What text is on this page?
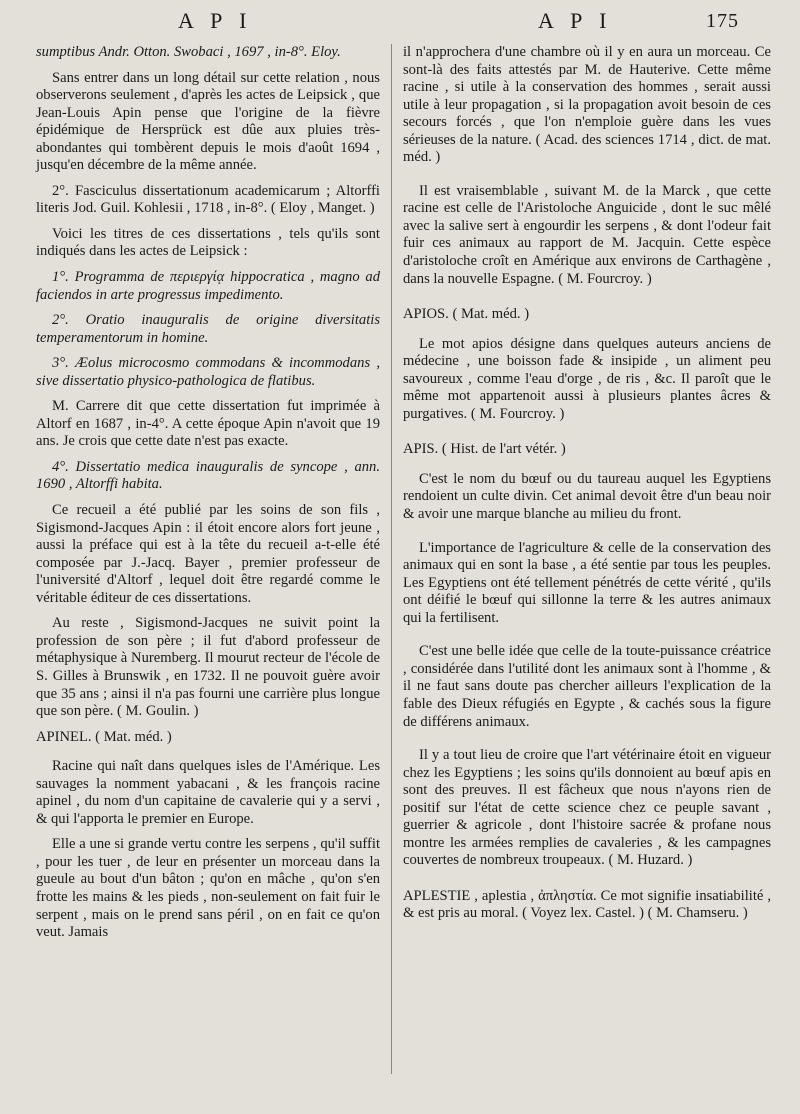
A P I	A P I	175

sumptibus Andr. Otton. Swobaci , 1697 , in-8°. Eloy.

Sans entrer dans un long détail sur cette relation , nous observerons seulement , d'après les actes de Leipsick , que Jean-Louis Apin pense que l'origine de la fièvre épidémique de Hersprück est dûe aux pluies très-abondantes qui tombèrent depuis le mois d'août 1694 , jusqu'en décembre de la même année.

2°. Fasciculus dissertationum academicarum ; Altorffi literis Jod. Guil. Kohlesii , 1718 , in-8°. ( Eloy , Manget. )

Voici les titres de ces dissertations , tels qu'ils sont indiqués dans les actes de Leipsick :

1°. Programma de περιεργίᾳ hippocratica , magno ad faciendos in arte progressus impedimento.

2°. Oratio inauguralis de origine diversitatis temperamentorum in homine.

3°. Æolus microcosmo commodans & incommodans , sive dissertatio physico-pathologica de flatibus.

M. Carrere dit que cette dissertation fut imprimée à Altorf en 1687 , in-4°. A cette époque Apin n'avoit que 19 ans. Je crois que cette date n'est pas exacte.

4°. Dissertatio medica inauguralis de syncope , ann. 1690 , Altorffi habita.

Ce recueil a été publié par les soins de son fils , Sigismond-Jacques Apin : il étoit encore alors fort jeune , aussi la préface qui est à la tête du recueil a-t-elle été composée par J.-Jacq. Bayer , premier professeur de l'université d'Altorf , lequel doit être regardé comme le véritable éditeur de ces dissertations.

Au reste , Sigismond-Jacques ne suivit point la profession de son père ; il fut d'abord professeur de métaphysique à Nuremberg. Il mourut recteur de l'école de S. Gilles à Brunswik , en 1732. Il ne pouvoit guère avoir que 35 ans ; ainsi il n'a pas fourni une carrière plus longue que son père. ( M. Goulin. )

APINEL. ( Mat. méd. )

Racine qui naît dans quelques isles de l'Amérique. Les sauvages la nomment yabacani , & les françois racine apinel , du nom d'un capitaine de cavalerie qui y a servi , & qui l'apporta le premier en Europe.

Elle a une si grande vertu contre les serpens , qu'il suffit , pour les tuer , de leur en présenter un morceau dans la gueule au bout d'un bâton ; qu'on en mâche , qu'on s'en frotte les mains & les pieds , non-seulement on fait fuir le serpent , mais on le prend sans péril , on en fait ce qu'on veut. Jamais

il n'approchera d'une chambre où il y en aura un morceau. Ce sont-là des faits attestés par M. de Hauterive. Cette même racine , si utile à la conservation des hommes , serait aussi utile à leur propagation , si la propagation avoit besoin de ces secours forcés , que l'on n'emploie guère dans les vues sérieuses de la nature. ( Acad. des sciences 1714 , dict. de mat. méd. )

Il est vraisemblable , suivant M. de la Marck , que cette racine est celle de l'Aristoloche Anguicide , dont le suc mêlé avec la salive sert à engourdir les serpens , & dont l'odeur fait fuir ces animaux au rapport de M. Jacquin. Cette espèce d'aristoloche croît en Amérique aux environs de Carthagène , dans la nouvelle Espagne. ( M. Fourcroy. )

APIOS. ( Mat. méd. )

Le mot apios désigne dans quelques auteurs anciens de médecine , une boisson fade & insipide , un aliment peu savoureux , comme l'eau d'orge , de ris , &c. Il paroît que le même mot appartenoit aussi à plusieurs plantes âcres & purgatives. ( M. Fourcroy. )

APIS. ( Hist. de l'art vétér. )

C'est le nom du bœuf ou du taureau auquel les Egyptiens rendoient un culte divin. Cet animal devoit être d'un beau noir & avoir une marque blanche au milieu du front.

L'importance de l'agriculture & celle de la conservation des animaux qui en sont la base , a été sentie par tous les peuples. Les Egyptiens ont été tellement pénétrés de cette vérité , qu'ils ont déifié le bœuf qui sillonne la terre & les autres animaux qui la fertilisent.

C'est une belle idée que celle de la toute-puissance créatrice , considérée dans l'utilité dont les animaux sont à l'homme , & il ne faut sans doute pas chercher ailleurs l'explication de la fable des Dieux réfugiés en Egypte , & cachés sous la figure de différens animaux.

Il y a tout lieu de croire que l'art vétérinaire étoit en vigueur chez les Egyptiens ; les soins qu'ils donnoient au bœuf apis en sont des preuves. Il est fâcheux que nous n'ayons rien de positif sur l'état de cette science chez ce peuple savant , guerrier & agricole , dont l'histoire sacrée & profane nous montre les armées remplies de cavaleries , & les campagnes couvertes de nombreux troupeaux. ( M. Huzard. )

APLESTIE , aplestia , ἀπληστία. Ce mot signifie insatiabilité , & est pris au moral. ( Voyez lex. Castel. ) ( M. Chamseru. )
